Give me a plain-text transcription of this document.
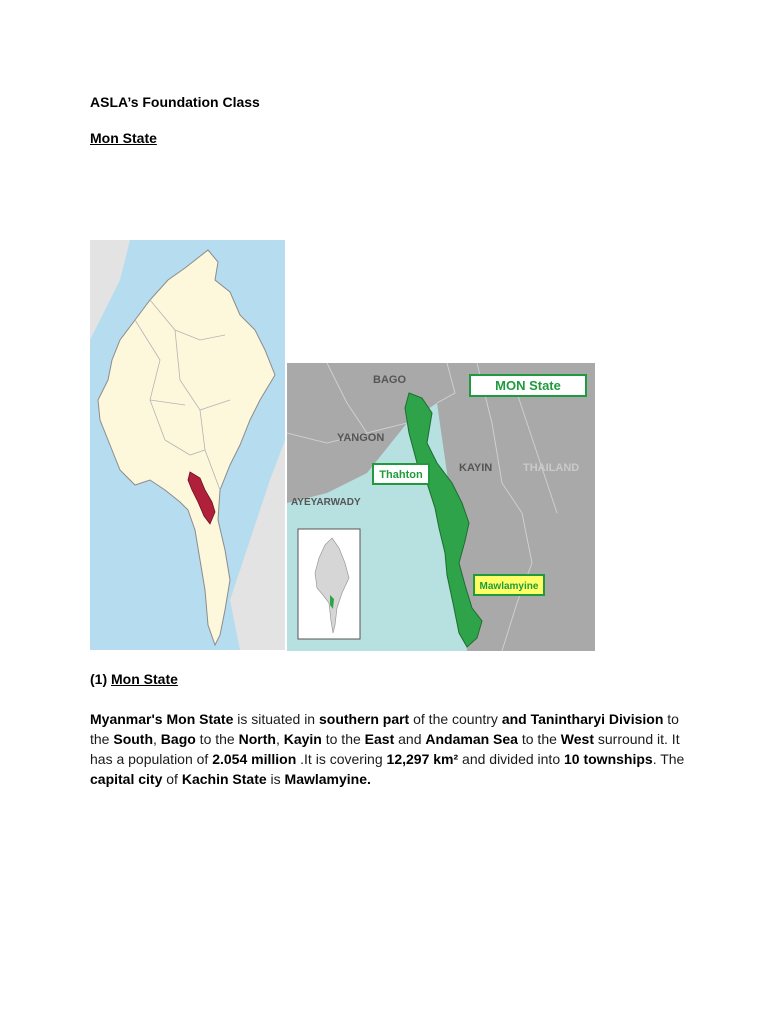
ASLA’s Foundation Class
Mon State
BAGO
YANGON
KAYIN	THAILAND
AYEYARWADY
MON State
Thahton
Mawlamyine
(1) Mon State
Myanmar's Mon State is situated in southern part of the country and Tanintharyi Division to the South, Bago to the North, Kayin to the East and Andaman Sea to the West surround it. It has a population of 2.054 million .It is covering 12,297 km² and divided into 10 townships. The capital city of Kachin State is Mawlamyine.
